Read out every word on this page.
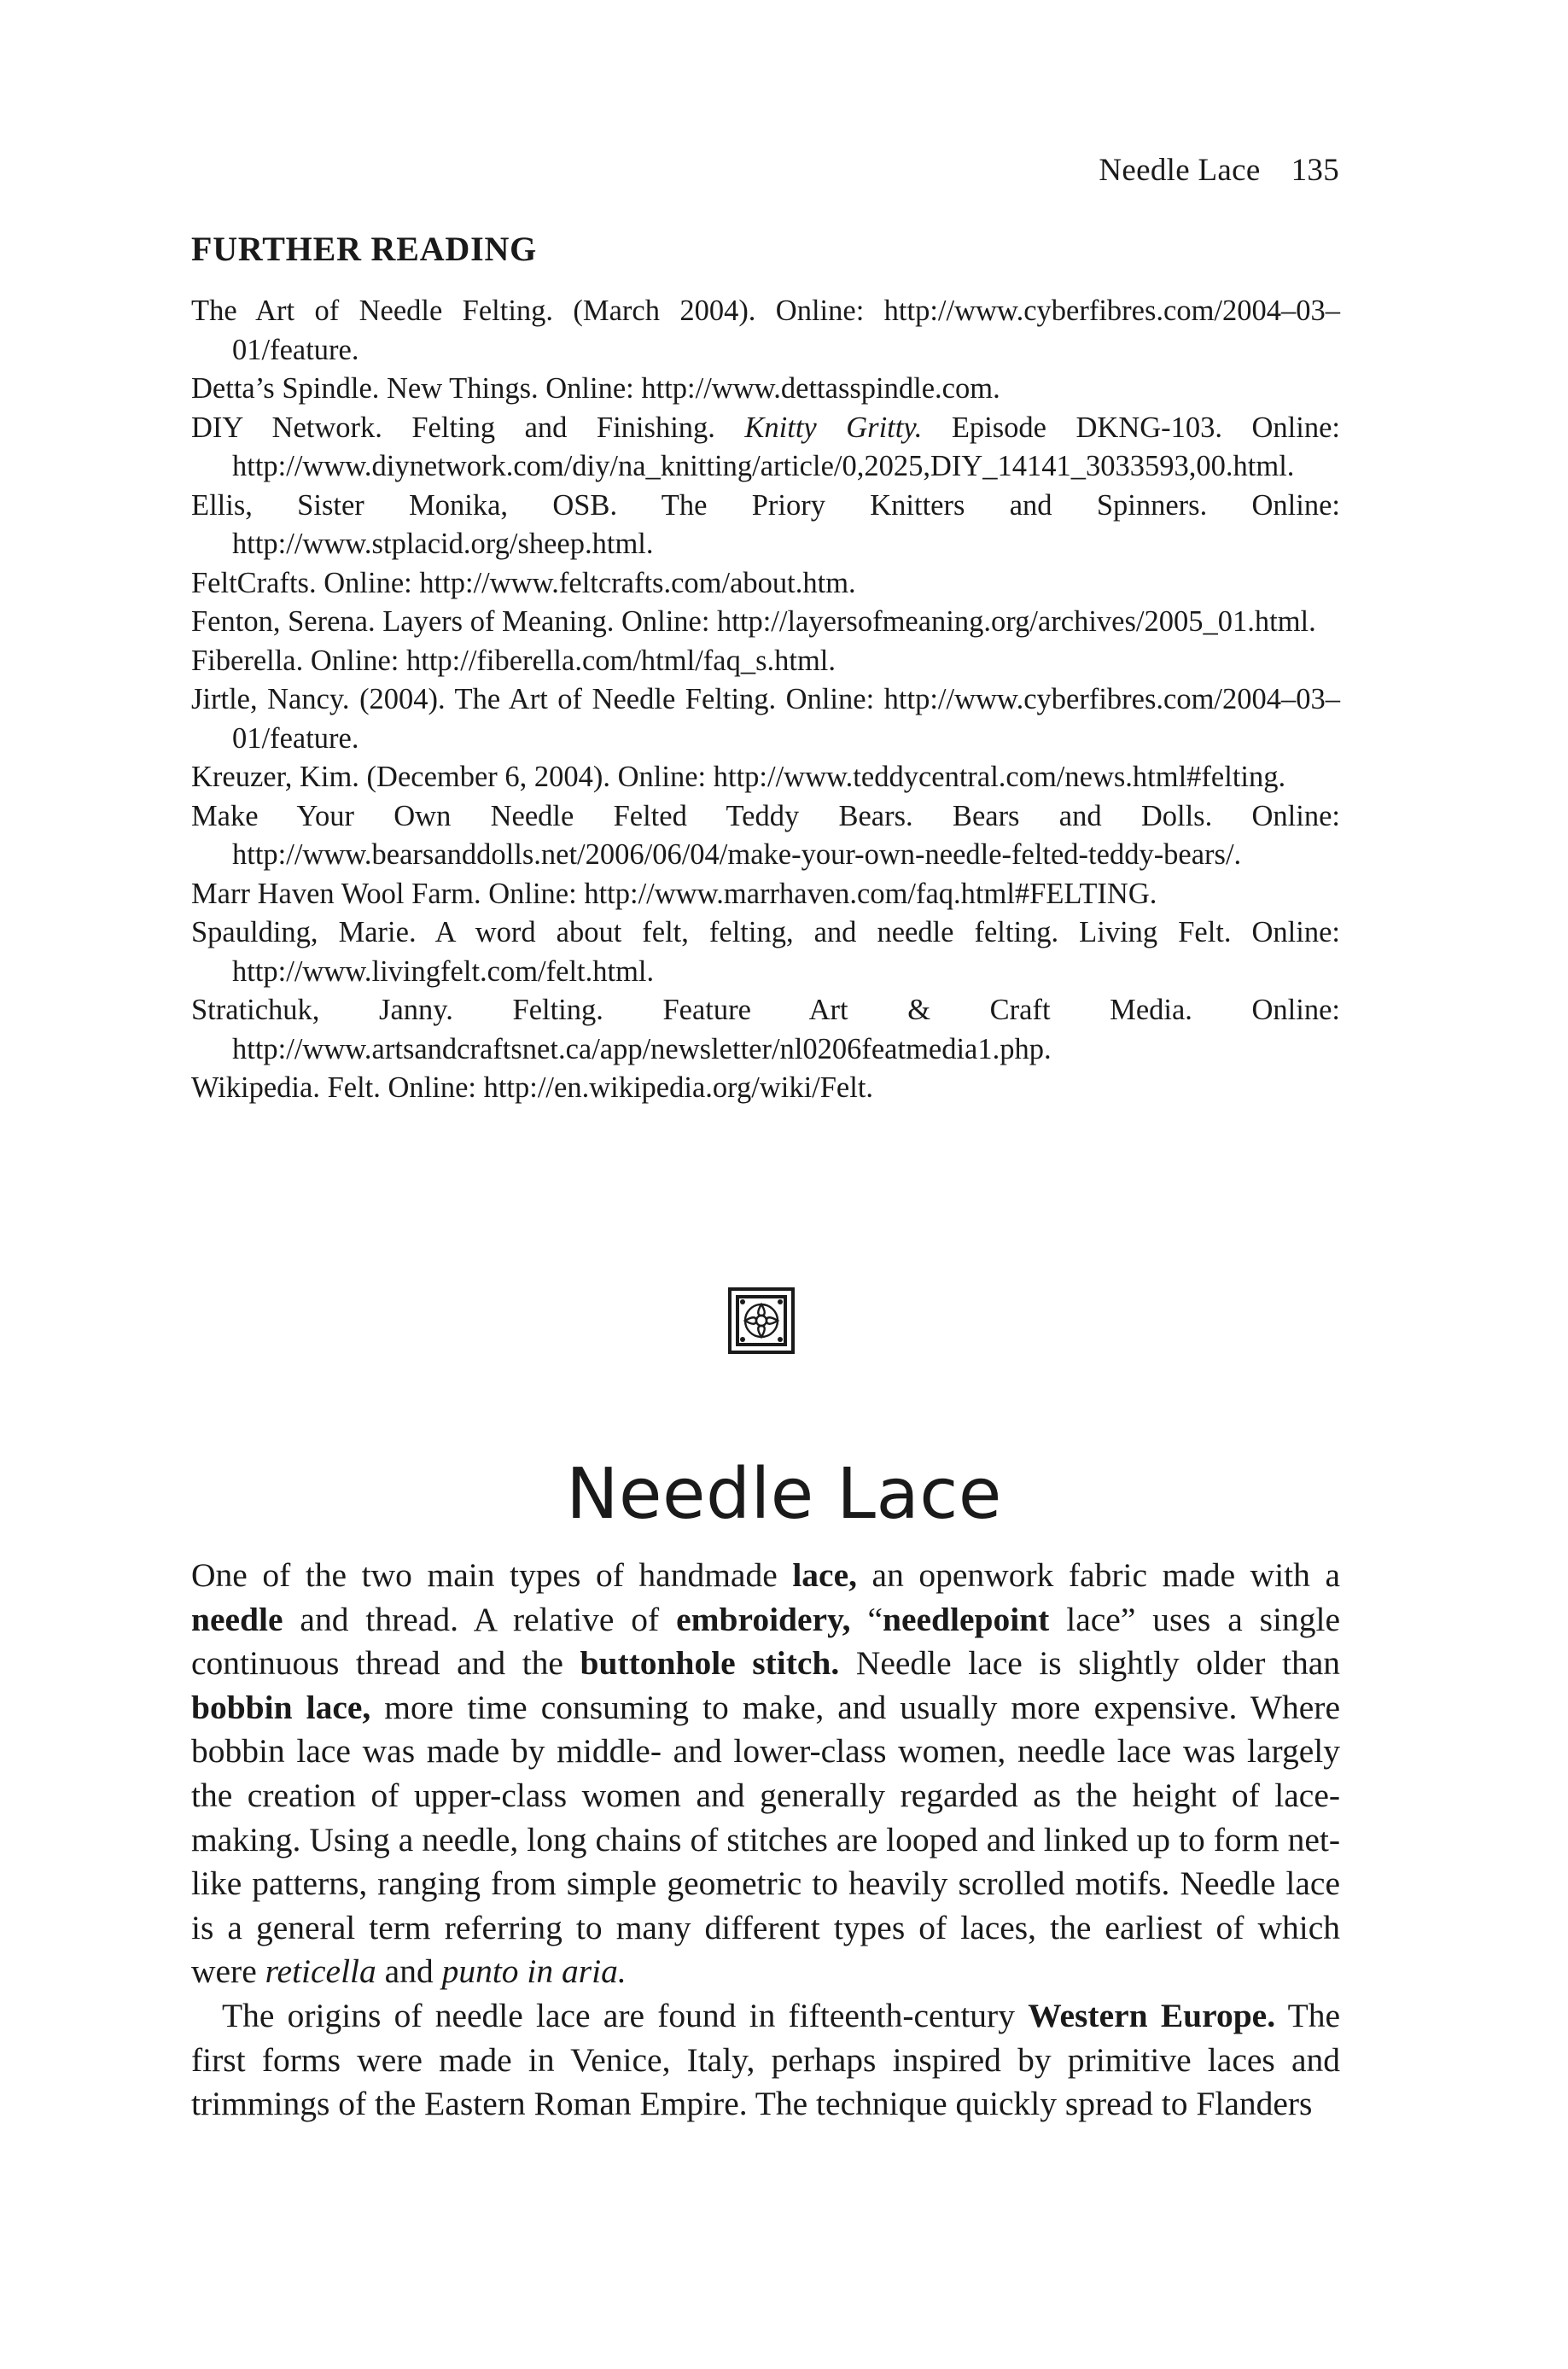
Needle Lace 135
FURTHER READING
The Art of Needle Felting. (March 2004). Online: http://www.cyberfibres.com/2004–03–01/feature.
Detta’s Spindle. New Things. Online: http://www.dettasspindle.com.
DIY Network. Felting and Finishing. Knitty Gritty. Episode DKNG-103. Online: http://www.diynetwork.com/diy/na_knitting/article/0,2025,DIY_14141_3033593,00.html.
Ellis, Sister Monika, OSB. The Priory Knitters and Spinners. Online: http://www.stplacid.org/sheep.html.
FeltCrafts. Online: http://www.feltcrafts.com/about.htm.
Fenton, Serena. Layers of Meaning. Online: http://layersofmeaning.org/archives/2005_01.html.
Fiberella. Online: http://fiberella.com/html/faq_s.html.
Jirtle, Nancy. (2004). The Art of Needle Felting. Online: http://www.cyberfibres.com/2004–03–01/feature.
Kreuzer, Kim. (December 6, 2004). Online: http://www.teddycentral.com/news.html#felting.
Make Your Own Needle Felted Teddy Bears. Bears and Dolls. Online: http://www.bearsanddolls.net/2006/06/04/make-your-own-needle-felted-teddy-bears/.
Marr Haven Wool Farm. Online: http://www.marrhaven.com/faq.html#FELTING.
Spaulding, Marie. A word about felt, felting, and needle felting. Living Felt. Online: http://www.livingfelt.com/felt.html.
Stratichuk, Janny. Felting. Feature Art & Craft Media. Online: http://www.artsandcraftsnet.ca/app/newsletter/nl0206featmedia1.php.
Wikipedia. Felt. Online: http://en.wikipedia.org/wiki/Felt.
Needle Lace

One of the two main types of handmade lace, an openwork fabric made with a needle and thread. A relative of embroidery, “needlepoint lace” uses a single continuous thread and the buttonhole stitch. Needle lace is slightly older than bobbin lace, more time consuming to make, and usually more expensive. Where bobbin lace was made by middle- and lower-class women, needle lace was largely the creation of upper-class women and generally regarded as the height of lace-making. Using a needle, long chains of stitches are looped and linked up to form net-like patterns, ranging from simple geometric to heavily scrolled motifs. Needle lace is a general term referring to many different types of laces, the earliest of which were reticella and punto in aria.

The origins of needle lace are found in fifteenth-century Western Europe. The first forms were made in Venice, Italy, perhaps inspired by primitive laces and trimmings of the Eastern Roman Empire. The technique quickly spread to Flanders
